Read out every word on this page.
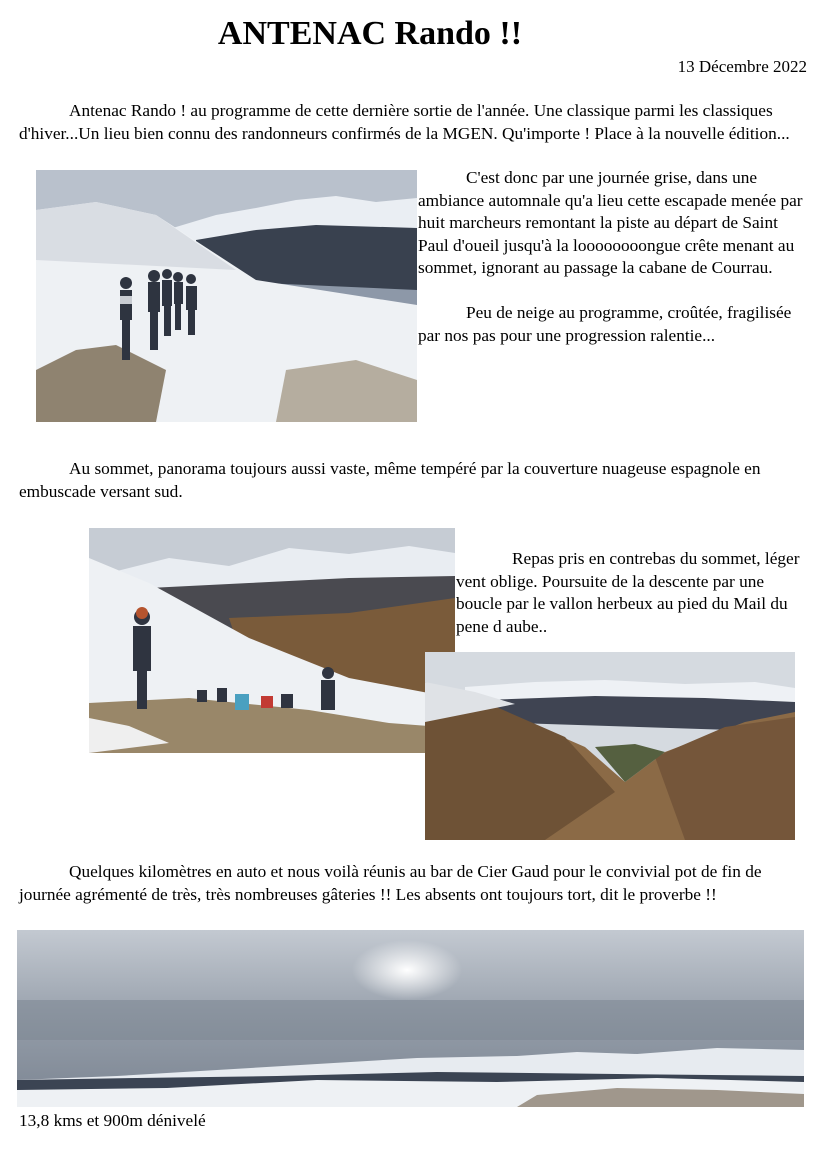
ANTENAC Rando !!
13 Décembre 2022

Antenac Rando ! au programme de cette dernière sortie de l'année. Une classique parmi les classiques d'hiver...Un lieu bien connu des randonneurs confirmés de la MGEN. Qu'importe ! Place à la nouvelle édition...

C'est donc par une journée grise, dans une ambiance automnale qu'a lieu cette escapade menée par huit marcheurs remontant la piste au départ de Saint Paul d'oueil jusqu'à la loooooooongue crête menant au sommet, ignorant au passage la cabane de Courrau.

Peu de neige au programme, croûtée, fragilisée par nos pas pour une progression ralentie...

Au sommet, panorama toujours aussi vaste, même tempéré par la couverture nuageuse espagnole en embuscade versant sud.

Repas pris en contrebas du sommet, léger vent oblige. Poursuite de la descente par une boucle par le vallon herbeux au pied du Mail du pene d aube..

Quelques kilomètres en auto et nous voilà réunis au bar de Cier Gaud pour le convivial pot de fin de journée agrémenté de très, très nombreuses gâteries !! Les absents ont toujours tort, dit le proverbe !!

13,8 kms et 900m dénivelé
